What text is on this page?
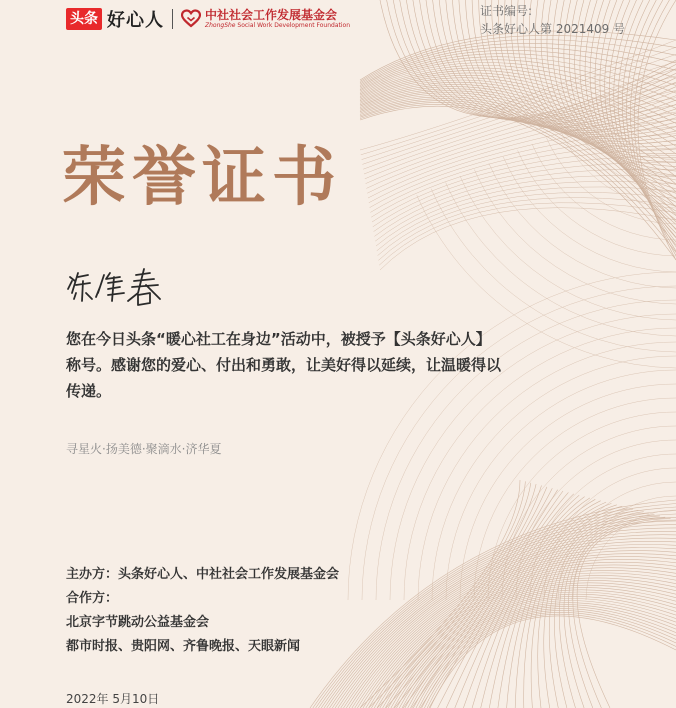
头条 好心人	中社社会工作发展基金会
ZhongShe Social Work Development Foundation
证书编号:
头条好心人第 2021409 号
荣誉证书
您在今日头条“暖心社工在身边”活动中，被授予【头条好心人】
称号。感谢您的爱心、付出和勇敢，让美好得以延续，让温暖得以
传递。
寻星火·扬美德·聚滴水·济华夏
主办方：头条好心人、中社社会工作发展基金会
合作方：
北京字节跳动公益基金会
都市时报、贵阳网、齐鲁晚报、天眼新闻
2022年 5月10日
